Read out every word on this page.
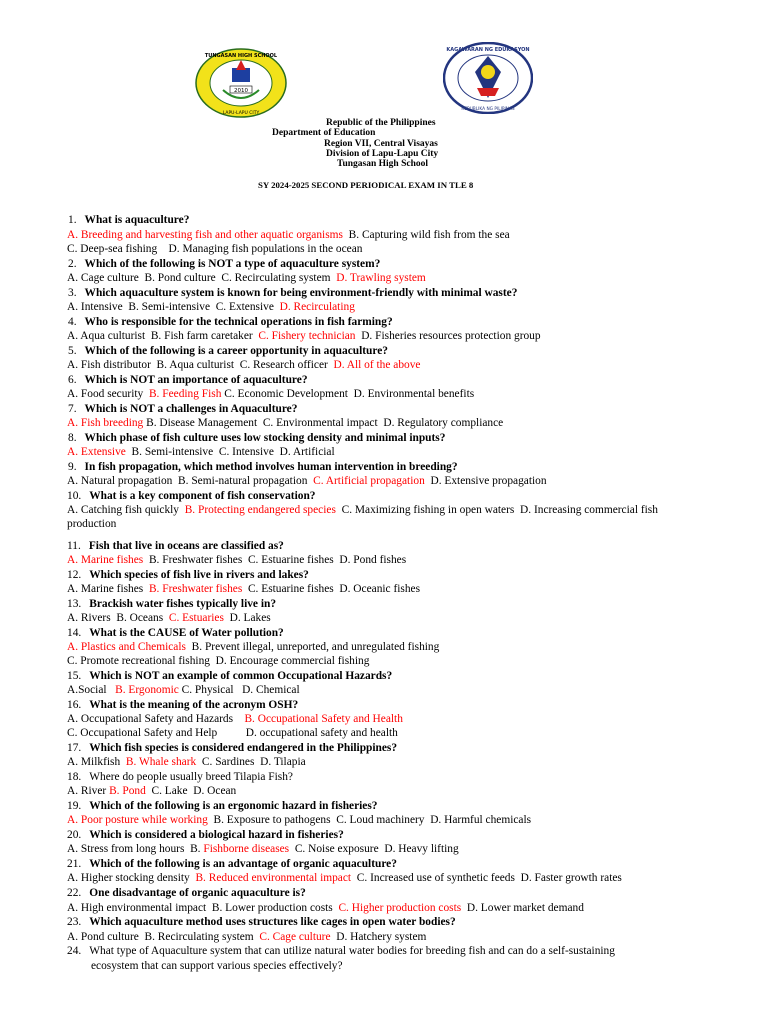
2010
TUNGASAN HIGH SCHOOL
LAPU-LAPU CITY
KAGAWARAN NG EDUKASYON
REPUBLIKA NG PILIPINAS
Republic of the Philippines
Department of Education
Region VII, Central Visayas
Division of Lapu-Lapu City
Tungasan High School
SY 2024-2025 SECOND PERIODICAL EXAM IN TLE 8
1. What is aquaculture?
A. Breeding and harvesting fish and other aquatic organisms  B. Capturing wild fish from the sea
C. Deep-sea fishing    D. Managing fish populations in the ocean
2. Which of the following is NOT a type of aquaculture system?
A. Cage culture  B. Pond culture  C. Recirculating system  D. Trawling system
3. Which aquaculture system is known for being environment-friendly with minimal waste?
A. Intensive  B. Semi-intensive  C. Extensive  D. Recirculating
4. Who is responsible for the technical operations in fish farming?
A. Aqua culturist  B. Fish farm caretaker  C. Fishery technician  D. Fisheries resources protection group
5. Which of the following is a career opportunity in aquaculture?
A. Fish distributor  B. Aqua culturist  C. Research officer  D. All of the above
6. Which is NOT an importance of aquaculture?
A. Food security  B. Feeding Fish C. Economic Development  D. Environmental benefits
7. Which is NOT a challenges in Aquaculture?
A. Fish breeding B. Disease Management  C. Environmental impact  D. Regulatory compliance
8. Which phase of fish culture uses low stocking density and minimal inputs?
A. Extensive  B. Semi-intensive  C. Intensive  D. Artificial
9. In fish propagation, which method involves human intervention in breeding?
A. Natural propagation  B. Semi-natural propagation  C. Artificial propagation  D. Extensive propagation
10. What is a key component of fish conservation?
A. Catching fish quickly  B. Protecting endangered species  C. Maximizing fishing in open waters  D. Increasing commercial fish
production
11. Fish that live in oceans are classified as?
A. Marine fishes  B. Freshwater fishes  C. Estuarine fishes  D. Pond fishes
12. Which species of fish live in rivers and lakes?
A. Marine fishes  B. Freshwater fishes  C. Estuarine fishes  D. Oceanic fishes
13. Brackish water fishes typically live in?
A. Rivers  B. Oceans  C. Estuaries  D. Lakes
14. What is the CAUSE of Water pollution?
A. Plastics and Chemicals  B. Prevent illegal, unreported, and unregulated fishing
C. Promote recreational fishing  D. Encourage commercial fishing
15. Which is NOT an example of common Occupational Hazards?
A.Social   B. Ergonomic C. Physical   D. Chemical
16. What is the meaning of the acronym OSH?
A. Occupational Safety and Hazards    B. Occupational Safety and Health
C. Occupational Safety and Help          D. occupational safety and health
17. Which fish species is considered endangered in the Philippines?
A. Milkfish  B. Whale shark  C. Sardines  D. Tilapia
18. Where do people usually breed Tilapia Fish?
A. River B. Pond  C. Lake  D. Ocean
19. Which of the following is an ergonomic hazard in fisheries?
A. Poor posture while working  B. Exposure to pathogens  C. Loud machinery  D. Harmful chemicals
20. Which is considered a biological hazard in fisheries?
A. Stress from long hours  B. Fishborne diseases  C. Noise exposure  D. Heavy lifting
21. Which of the following is an advantage of organic aquaculture?
A. Higher stocking density  B. Reduced environmental impact  C. Increased use of synthetic feeds  D. Faster growth rates
22. One disadvantage of organic aquaculture is?
A. High environmental impact  B. Lower production costs  C. Higher production costs  D. Lower market demand
23. Which aquaculture method uses structures like cages in open water bodies?
A. Pond culture  B. Recirculating system  C. Cage culture  D. Hatchery system
24. What type of Aquaculture system that can utilize natural water bodies for breeding fish and can do a self-sustaining
ecosystem that can support various species effectively?
